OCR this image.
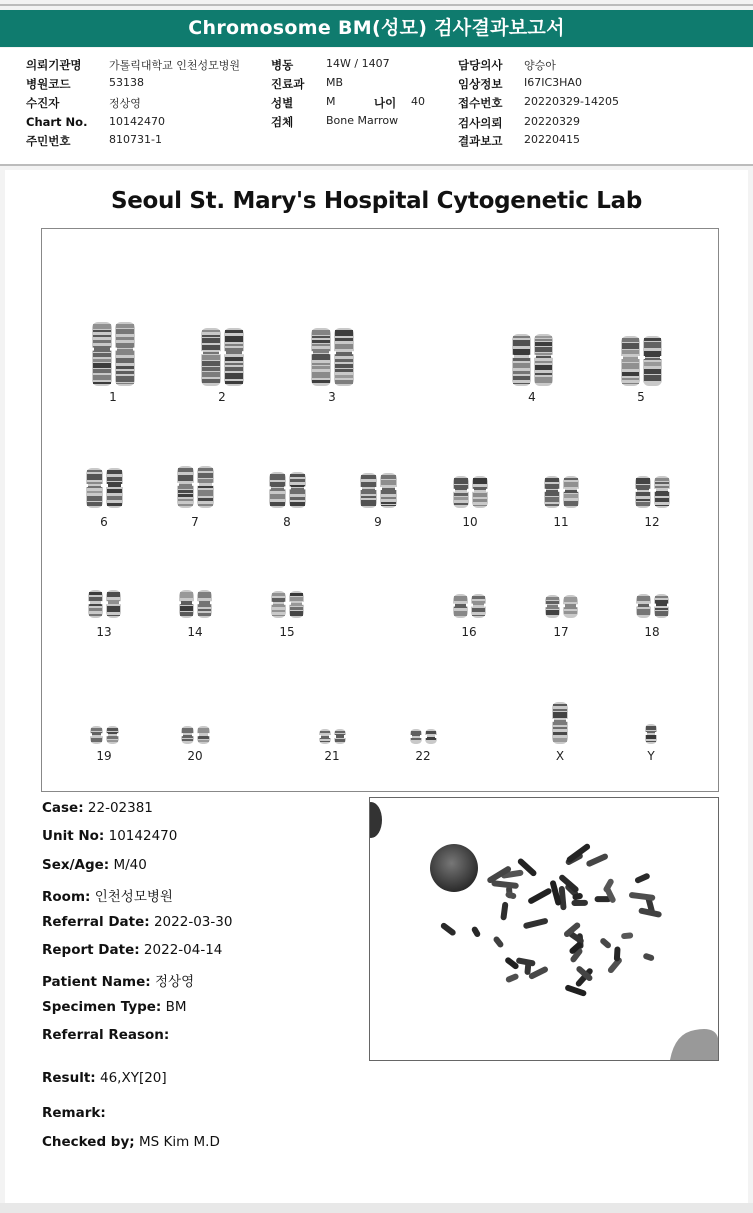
Chromosome BM(성모) 검사결과보고서
의뢰기관명 가톨릭대학교 인천성모병원
병원코드	53138
수진자	정상영
Chart No. 10142470
주민번호	810731-1
병동	14W / 1407
진료과 MB
성별	M	나이 40
검체	Bone Marrow
담당의사 양승아
임상정보 I67IC3HA0
접수번호 20220329-14205
검사의뢰 20220329
결과보고 20220415
Seoul St. Mary's Hospital Cytogenetic Lab
1	2	3	4	5
6	7	8	9	10	11	12
13	14	15	16	17	18
19	20	21	22	X	Y
Case: 22-02381
Unit No: 10142470
Sex/Age: M/40
Room: 인천성모병원
Referral Date: 2022-03-30
Report Date: 2022-04-14
Patient Name: 정상영
Specimen Type: BM
Referral Reason:
Result: 46,XY[20]
Remark:
Checked by; MS Kim M.D
